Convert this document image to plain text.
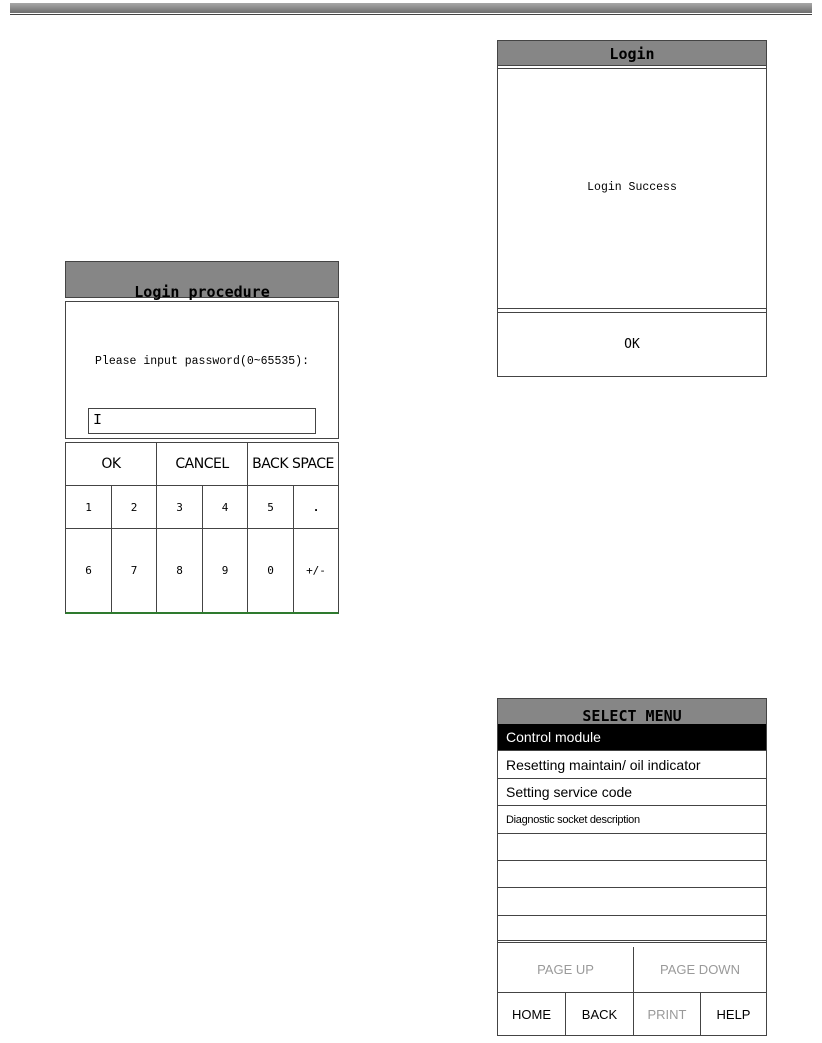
Login procedure
Please input password(0~65535):
I
OK	CANCEL	BACK SPACE
1	2	3	4	5	.
6	7	8	9	0	+/-
Login
Login Success
OK
SELECT MENU
Control module
Resetting maintain/ oil indicator
Setting service code
Diagnostic socket description
PAGE UP	PAGE DOWN
HOME	BACK	PRINT	HELP
